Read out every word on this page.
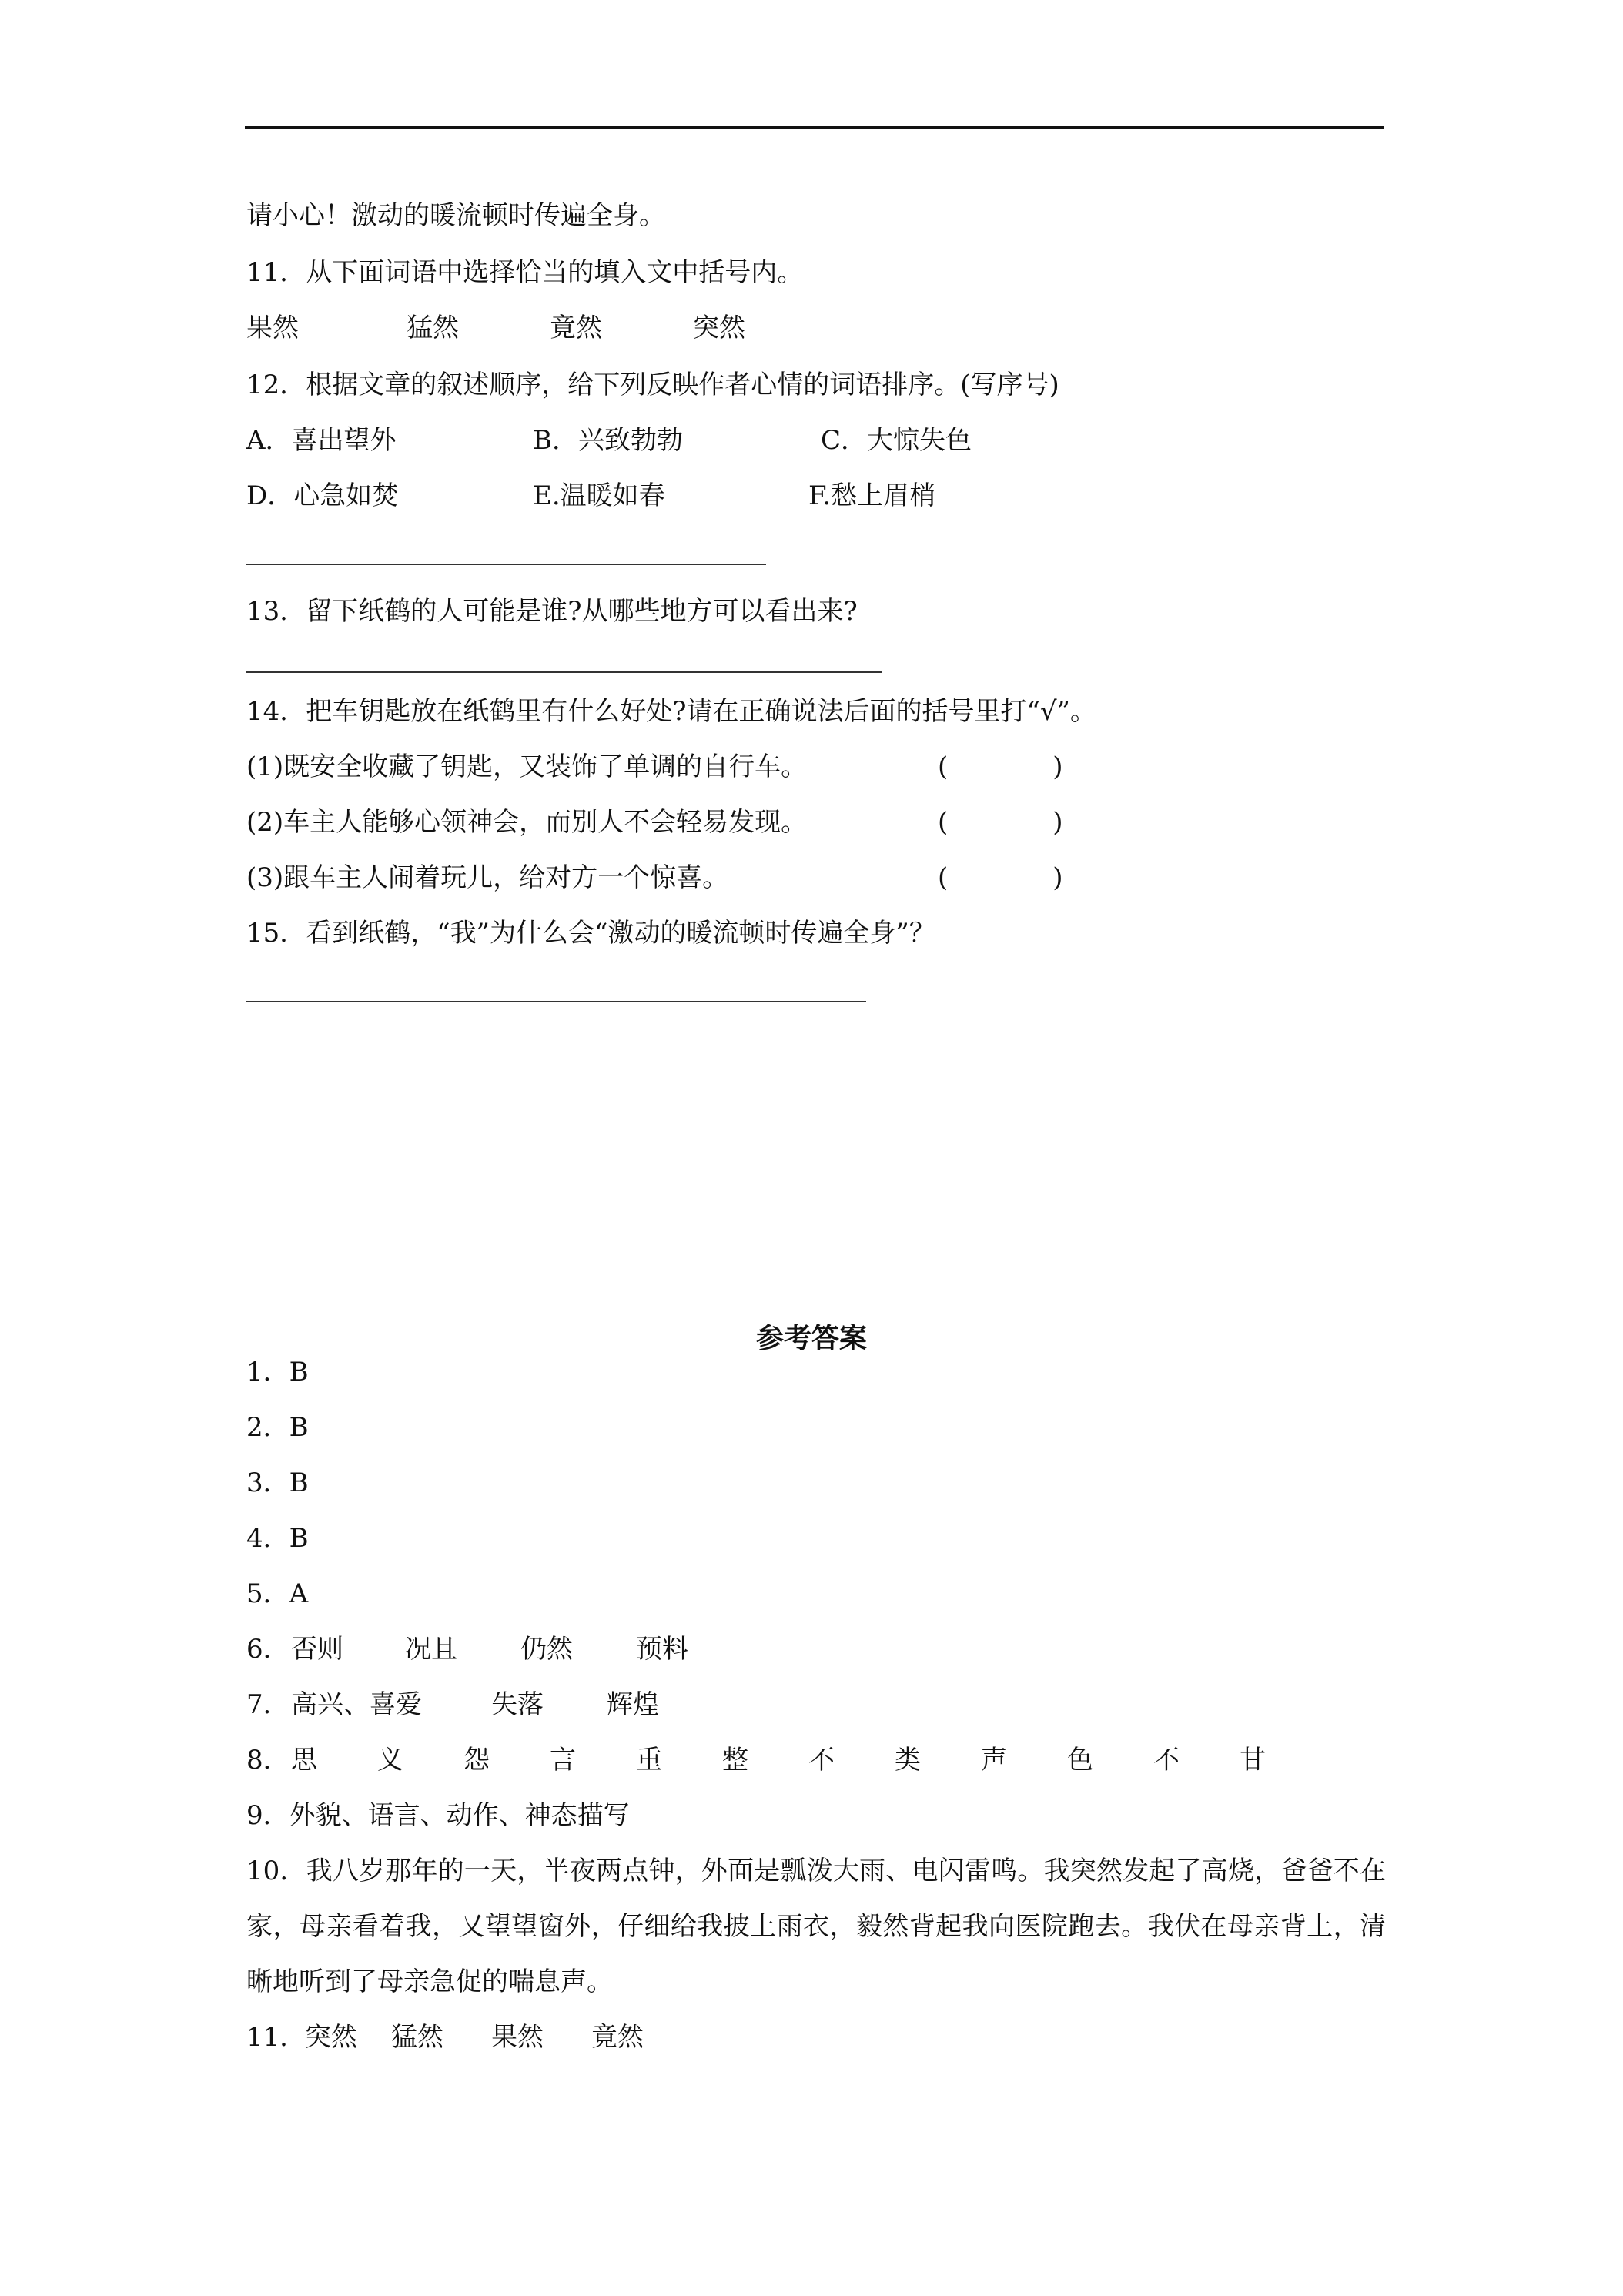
请小心！激动的暖流顿时传遍全身。
11．从下面词语中选择恰当的填入文中括号内。
果然	猛然	竟然	突然
12．根据文章的叙述顺序，给下列反映作者心情的词语排序。(写序号)
A．喜出望外	B．兴致勃勃	C．大惊失色
D．心急如焚	E.温暖如春	F.愁上眉梢
13．留下纸鹤的人可能是谁?从哪些地方可以看出来?
14．把车钥匙放在纸鹤里有什么好处?请在正确说法后面的括号里打“√”。
(1)既安全收藏了钥匙，又装饰了单调的自行车。	(　　　　)
(2)车主人能够心领神会，而别人不会轻易发现。	(　　　　)
(3)跟车主人闹着玩儿，给对方一个惊喜。	(　　　　)
15．看到纸鹤，“我”为什么会“激动的暖流顿时传遍全身”？
参考答案
1．B
2．B
3．B
4．B
5．A
6． 否则 况且 仍然 预料
7． 高兴、喜爱	失落 辉煌
8． 思 义 怨 言 重 整 不 类 声 色 不 甘
9．外貌、语言、动作、神态描写
10．我八岁那年的一天，半夜两点钟，外面是瓢泼大雨、电闪雷鸣。我突然发起了高烧，爸爸不在家，母亲看着我，又望望窗外，仔细给我披上雨衣，毅然背起我向医院跑去。我伏在母亲背上，清晰地听到了母亲急促的喘息声。
11．
突然 猛然 果然 竟然
